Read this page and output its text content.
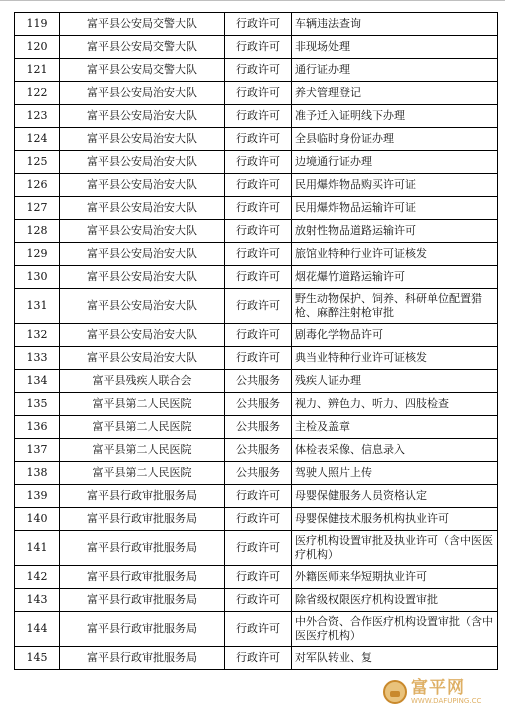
119	富平县公安局交警大队	行政许可	车辆违法查询
120	富平县公安局交警大队	行政许可	非现场处理
121	富平县公安局交警大队	行政许可	通行证办理
122	富平县公安局治安大队	行政许可	养犬管理登记
123	富平县公安局治安大队	行政许可	准予迁入证明线下办理
124	富平县公安局治安大队	行政许可	全县临时身份证办理
125	富平县公安局治安大队	行政许可	边境通行证办理
126	富平县公安局治安大队	行政许可	民用爆炸物品购买许可证
127	富平县公安局治安大队	行政许可	民用爆炸物品运输许可证
128	富平县公安局治安大队	行政许可	放射性物品道路运输许可
129	富平县公安局治安大队	行政许可	旅馆业特种行业许可证核发
130	富平县公安局治安大队	行政许可	烟花爆竹道路运输许可
131	富平县公安局治安大队	行政许可	野生动物保护、饲养、科研单位配置猎枪、麻醉注射枪审批
132	富平县公安局治安大队	行政许可	剧毒化学物品许可
133	富平县公安局治安大队	行政许可	典当业特种行业许可证核发
134	富平县残疾人联合会	公共服务	残疾人证办理
135	富平县第二人民医院	公共服务	视力、辨色力、听力、四肢检查
136	富平县第二人民医院	公共服务	主检及盖章
137	富平县第二人民医院	公共服务	体检表采像、信息录入
138	富平县第二人民医院	公共服务	驾驶人照片上传
139	富平县行政审批服务局	行政许可	母婴保健服务人员资格认定
140	富平县行政审批服务局	行政许可	母婴保健技术服务机构执业许可
141	富平县行政审批服务局	行政许可	医疗机构设置审批及执业许可（含中医医疗机构）
142	富平县行政审批服务局	行政许可	外籍医师来华短期执业许可
143	富平县行政审批服务局	行政许可	除省级权限医疗机构设置审批
144	富平县行政审批服务局	行政许可	中外合资、合作医疗机构设置审批（含中医医疗机构）
145	富平县行政审批服务局	行政许可	对军队转业、复
富平网
WWW.DAFUPING.CC
